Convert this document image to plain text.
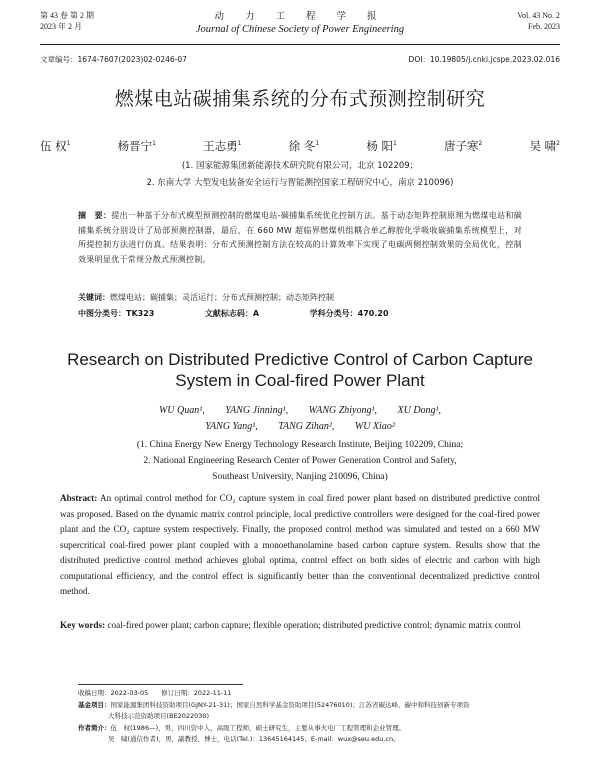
第 43 卷 第 2 期
2023 年 2 月
动 力 工 程 学 报
Journal of Chinese Society of Power Engineering
Vol. 43 No. 2
Feb. 2023
文章编号：1674-7607(2023)02-0246-07	DOI：10.19805/j.cnki.jcspe.2023.02.016
燃煤电站碳捕集系统的分布式预测控制研究
伍 权$^1$	杨晋宁$^1$	王志勇$^1$	徐 冬$^1$	杨 阳$^1$	唐子寒$^2$	吴 啸$^2$
(1. 国家能源集团新能源技术研究院有限公司，北京 102209；
2. 东南大学 大型发电装备安全运行与智能测控国家工程研究中心，南京 210096)
摘　要：提出一种基于分布式模型预测控制的燃煤电站-碳捕集系统优化控制方法。基于动态矩阵控制原理为燃煤电站和碳捕集系统分别设计了局部预测控制器，最后，在 660 MW 超临界燃煤机组耦合单乙醇胺化学吸收碳捕集系统模型上，对所提控制方法进行仿真。结果表明：分布式预测控制方法在较高的计算效率下实现了电碳两侧控制效果的全局优化，控制效果明显优于常规分散式预测控制。
关键词：燃煤电站；碳捕集；灵活运行；分布式预测控制；动态矩阵控制
中图分类号：TK323	文献标志码：A	学科分类号：470.20
Research on Distributed Predictive Control of Carbon Capture
System in Coal-fired Power Plant
WU Quan¹, YANG Jinning¹, WANG Zhiyong¹, XU Dong¹,
YANG Yang¹, TANG Zihan², WU Xiao²
(1. China Energy New Energy Technology Research Institute, Beijing 102209, China;
2. National Engineering Research Center of Power Generation Control and Safety,
Southeast University, Nanjing 210096, China)
Abstract: An optimal control method for CO₂ capture system in coal fired power plant based on distributed predictive control was proposed. Based on the dynamic matrix control principle, local predictive controllers were designed for the coal-fired power plant and the CO₂ capture system respectively. Finally, the proposed control method was simulated and tested on a 660 MW supercritical coal-fired power plant coupled with a monoethanolamine based carbon capture system. Results show that the distributed predictive control method achieves global optima, control effect on both sides of electric and carbon with high computational efficiency, and the control effect is significantly better than the conventional decentralized predictive control method.
Key words: coal-fired power plant; carbon capture; flexible operation; distributed predictive control; dynamic matrix control
收稿日期：2022-03-05　　修订日期：2022-11-11
基金项目：国家能源集团科技资助项目(GJNY-21-31)；国家自然科学基金资助项目(52476010)；江苏省碳达峰、碳中和科技创新专项资
大科技示范资助项目(BE2022030)
作者简介：伍　权(1986—)，男，四川资中人，高级工程师，硕士研究生，主要从事火电厂工程管理和企业管理。
吴　啸(通信作者)，男，副教授，博士，电话(Tel.)：13645164145；E-mail：wux@seu.edu.cn。
